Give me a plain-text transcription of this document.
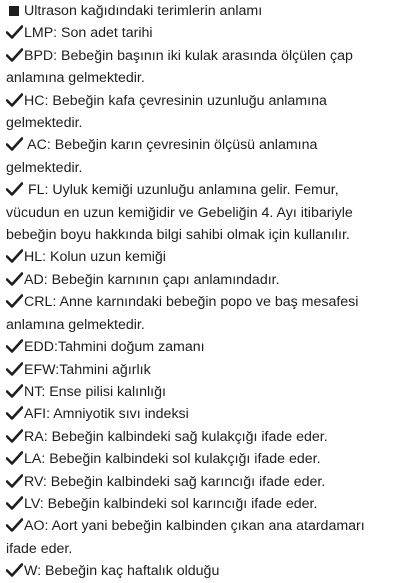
Ultrason kağıdındaki terimlerin anlamı
LMP: Son adet tarihi
BPD: Bebeğin başının iki kulak arasında ölçülen çap
anlamına gelmektedir.
HC: Bebeğin kafa çevresinin uzunluğu anlamına
gelmektedir.
AC: Bebeğin karın çevresinin ölçüsü anlamına
gelmektedir.
FL: Uyluk kemiği uzunluğu anlamına gelir. Femur,
vücudun en uzun kemiğidir ve Gebeliğin 4. Ayı itibariyle
bebeğin boyu hakkında bilgi sahibi olmak için kullanılır.
HL: Kolun uzun kemiği
AD: Bebeğin karnının çapı anlamındadır.
CRL: Anne karnındaki bebeğin popo ve baş mesafesi
anlamına gelmektedir.
EDD:Tahmini doğum zamanı
EFW:Tahmini ağırlık
NT: Ense pilisi kalınlığı
AFI: Amniyotik sıvı indeksi
RA: Bebeğin kalbindeki sağ kulakçığı ifade eder.
LA: Bebeğin kalbindeki sol kulakçığı ifade eder.
RV: Bebeğin kalbindeki sağ karıncığı ifade eder.
LV: Bebeğin kalbindeki sol karıncığı ifade eder.
AO: Aort yani bebeğin kalbinden çıkan ana atardamarı
ifade eder.
W: Bebeğin kaç haftalık olduğu
